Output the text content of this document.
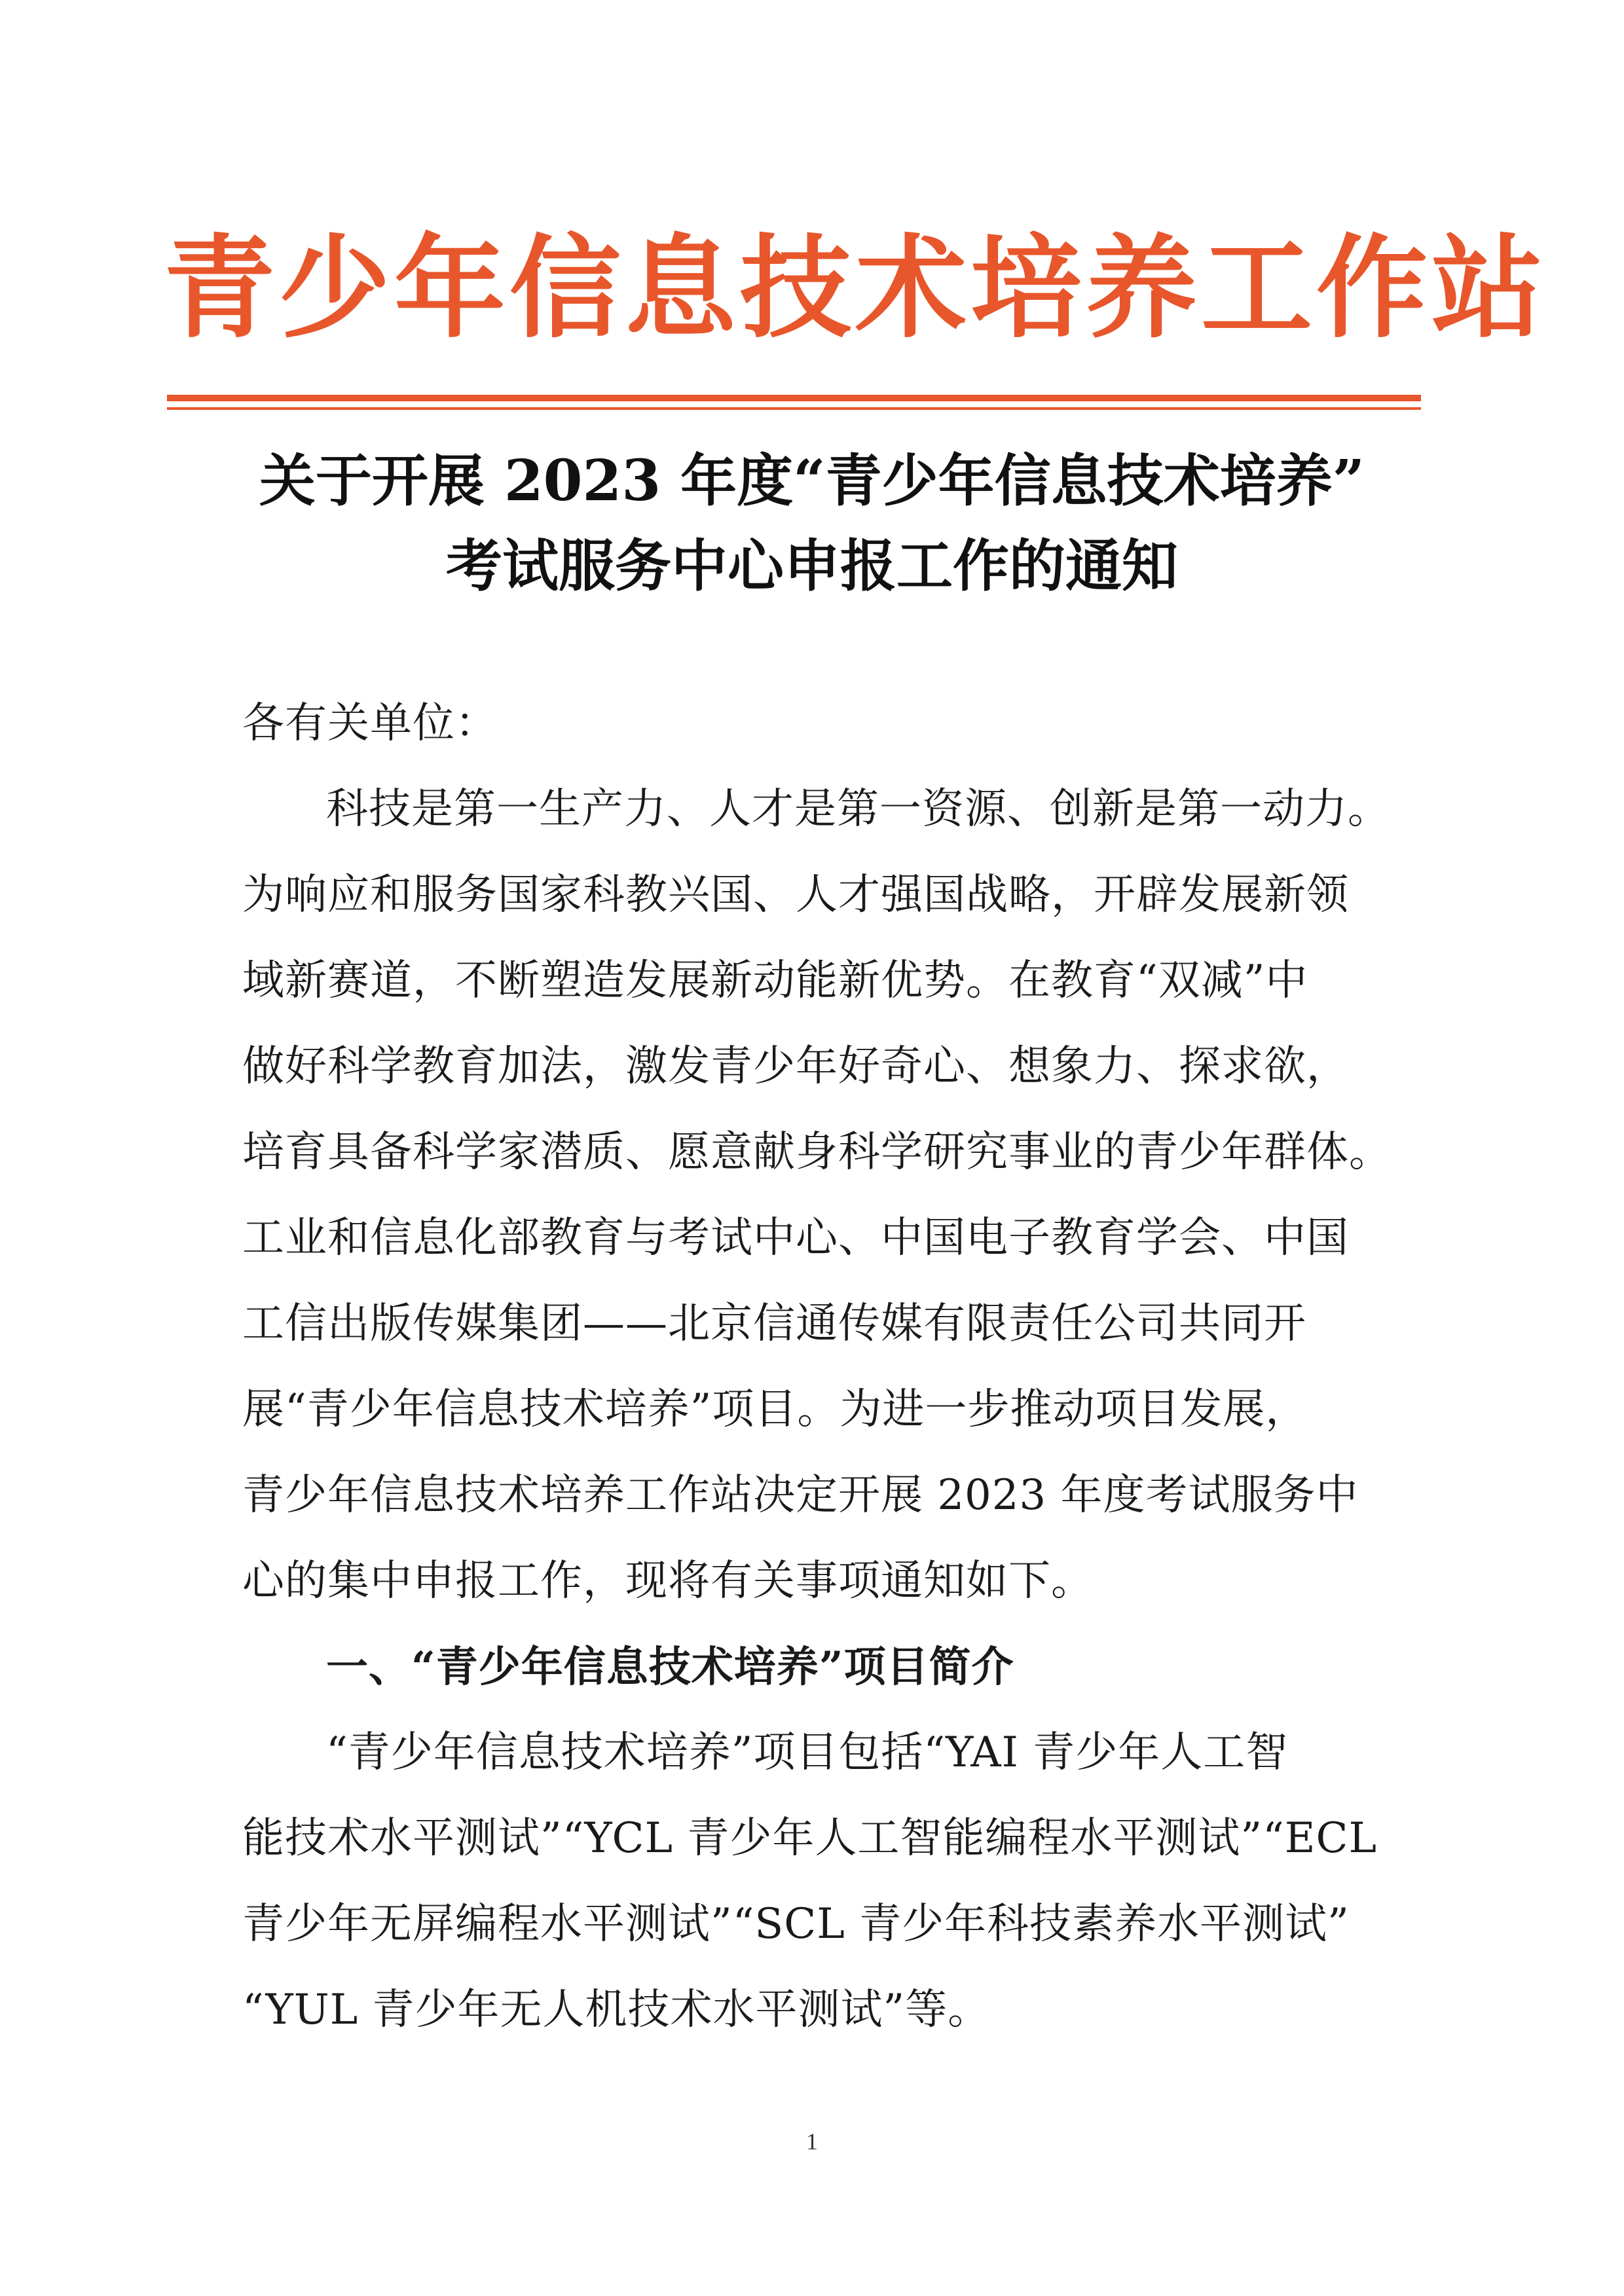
青少年信息技术培养工作站
关于开展 2023 年度“青少年信息技术培养”
考试服务中心申报工作的通知
各有关单位：
科技是第一生产力、人才是第一资源、创新是第一动力。
为响应和服务国家科教兴国、人才强国战略，开辟发展新领
域新赛道，不断塑造发展新动能新优势。在教育“双减”中
做好科学教育加法，激发青少年好奇心、想象力、探求欲，
培育具备科学家潜质、愿意献身科学研究事业的青少年群体。
工业和信息化部教育与考试中心、中国电子教育学会、中国
工信出版传媒集团——北京信通传媒有限责任公司共同开
展“青少年信息技术培养”项目。为进一步推动项目发展，
青少年信息技术培养工作站决定开展 2023 年度考试服务中
心的集中申报工作，现将有关事项通知如下。
一、“青少年信息技术培养”项目简介
“青少年信息技术培养”项目包括“YAI 青少年人工智
能技术水平测试”“YCL 青少年人工智能编程水平测试”“ECL
青少年无屏编程水平测试”“SCL 青少年科技素养水平测试”
“YUL 青少年无人机技术水平测试”等。
1
